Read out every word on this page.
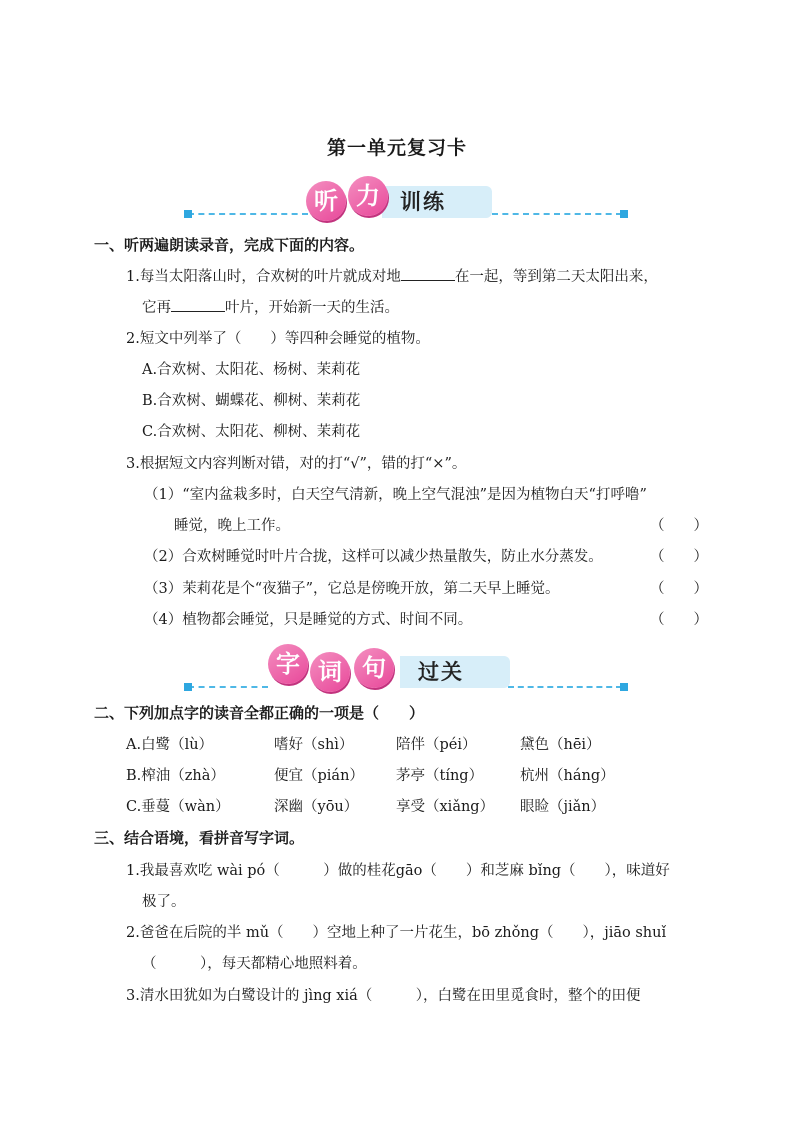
第一单元复习卡
训练
听 力
一、听两遍朗读录音，完成下面的内容。
1.每当太阳落山时，合欢树的叶片就成对地	在一起，等到第二天太阳出来，
它再	叶片，开始新一天的生活。
2.短文中列举了（　　）等四种会睡觉的植物。
A.合欢树、太阳花、杨树、茉莉花
B.合欢树、蝴蝶花、柳树、茉莉花
C.合欢树、太阳花、柳树、茉莉花
3.根据短文内容判断对错，对的打“√”，错的打“×”。
（1）“室内盆栽多时，白天空气清新，晚上空气混浊”是因为植物白天“打呼噜”
睡觉，晚上工作。	（　　）
（2）合欢树睡觉时叶片合拢，这样可以减少热量散失，防止水分蒸发。	（　　）
（3）茉莉花是个“夜猫子”，它总是傍晚开放，第二天早上睡觉。	（　　）
（4）植物都会睡觉，只是睡觉的方式、时间不同。	（　　）
过关
字 词 句
二、下列加点字的读音全都正确的一项是（　　）
A.白鹭（lù）	嗜好（shì）	陪伴（péi）	黛色（hēi）
B.榨油（zhà）	便宜（pián） 茅亭（tíng）	杭州（háng）
C.垂蔓（wàn）	深幽（yōu）	享受（xiǎng） 眼睑（jiǎn）
三、结合语境，看拼音写字词。
1.我最喜欢吃 wài pó（　　　）做的桂花gāo（　　）和芝麻 bǐng（　　），味道好
极了。
2.爸爸在后院的半 mǔ（　　）空地上种了一片花生，bō zhǒng（　　），jiāo shuǐ
（　　　），每天都精心地照料着。
3.清水田犹如为白鹭设计的 jìng xiá（　　　），白鹭在田里觅食时，整个的田便
